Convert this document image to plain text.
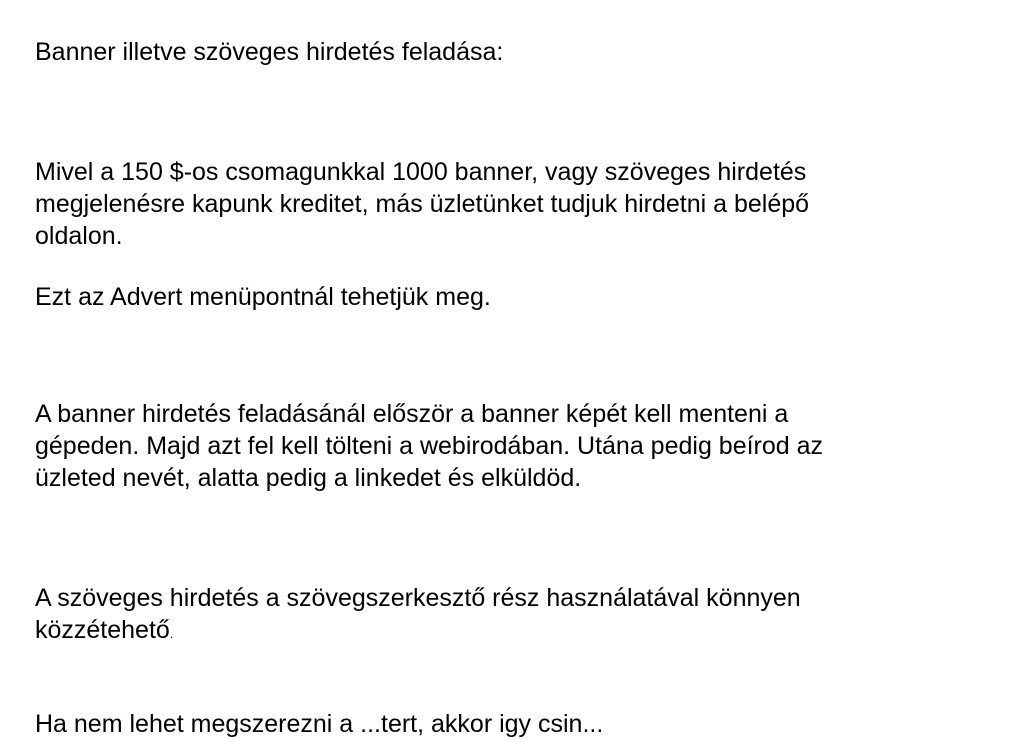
Banner illetve szöveges hirdetés feladása:

Mivel a 150 $-os csomagunkkal 1000 banner, vagy szöveges hirdetés
megjelenésre kapunk kreditet, más üzletünket tudjuk hirdetni a belépő
oldalon.

Ezt az Advert menüpontnál tehetjük meg.

A banner hirdetés feladásánál először a banner képét kell menteni a
gépeden. Majd azt fel kell tölteni a webirodában. Utána pedig beírod az
üzleted nevét, alatta pedig a linkedet és elküldöd.

A szöveges hirdetés a szövegszerkesztő rész használatával könnyen
közzétehető.

Ha nem lehet megszerezni a ...tert, akkor igy csin...
